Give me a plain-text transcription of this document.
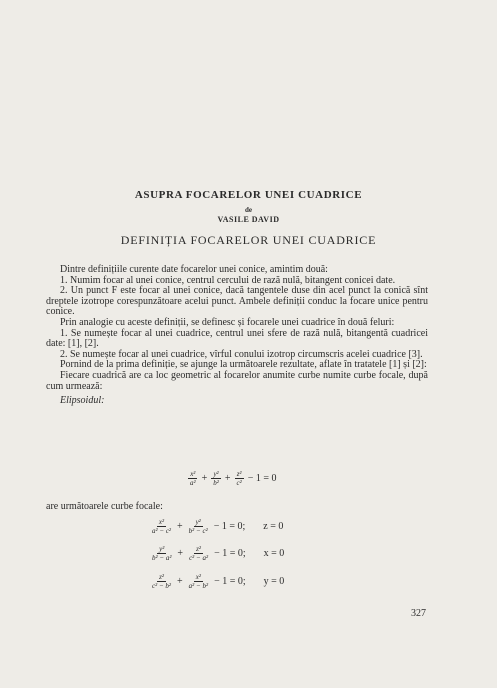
ASUPRA FOCARELOR UNEI CUADRICE
de
VASILE DAVID
DEFINIȚIA FOCARELOR UNEI CUADRICE

Dintre definițiile curente date focarelor unei conice, amintim două:

1. Numim focar al unei conice, centrul cercului de rază nulă, bitangent conicei date.

2. Un punct F este focar al unei conice, dacă tangentele duse din acel punct la conică sînt dreptele izotrope corespunzătoare acelui punct. Ambele definiții conduc la focare unice pentru conice.

Prin analogie cu aceste definiții, se definesc și focarele unei cuadrice în două feluri:

1. Se numește focar al unei cuadrice, centrul unei sfere de rază nulă, bitangentă cuadricei date: [1], [2].

2. Se numește focar al unei cuadrice, vîrful conului izotrop circumscris acelei cuadrice [3].

Pornind de la prima definiție, se ajunge la următoarele rezultate, aflate în tratatele [1] și [2]:

Fiecare cuadrică are ca loc geometric al focarelor anumite curbe numite curbe focale, după cum urmează:

Elipsoidul:

$\frac{\text{x²}}{\text{a²}} + \frac{\text{y²}}{\text{b²}} + \frac{\text{z²}}{\text{c²}} - 1 = 0$

are următoarele curbe focale:

$\frac{\text{x²}}{\text{a² − c²}} + \frac{\text{y²}}{\text{b² − c²}} - 1 = 0$; z = 0
$\frac{\text{y²}}{\text{b² − a²}} + \frac{\text{z²}}{\text{c² − a²}} - 1 = 0$; x = 0
$\frac{\text{z²}}{\text{c² − b²}} + \frac{\text{x²}}{\text{a² − b²}} - 1 = 0$; y = 0
327
